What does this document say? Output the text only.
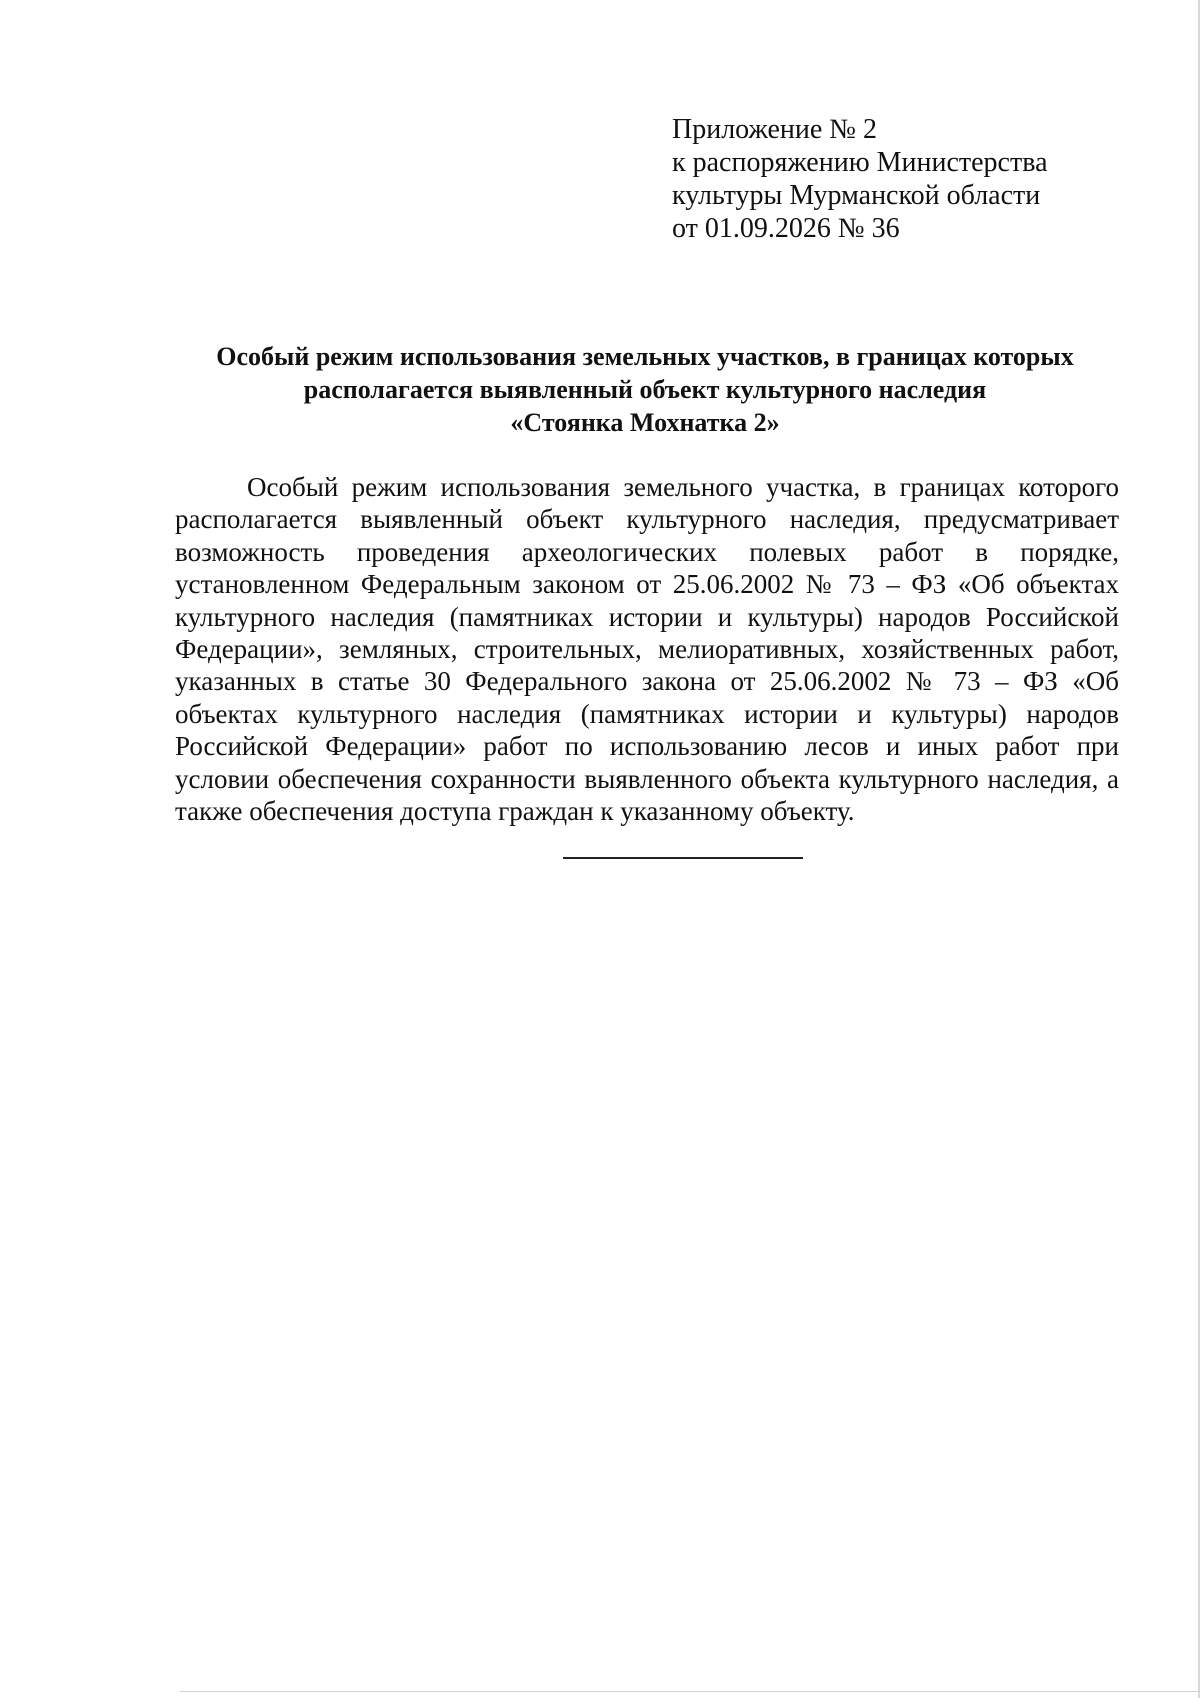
Приложение № 2
к распоряжению Министерства
культуры Мурманской области
от 01.09.2026 № 36
Особый режим использования земельных участков, в границах которых
располагается выявленный объект культурного наследия
«Стоянка Мохнатка 2»

Особый режим использования земельного участка, в границах которого располагается выявленный объект культурного наследия, предусматривает возможность проведения археологических полевых работ в порядке, установленном Федеральным законом от 25.06.2002 № 73 – ФЗ «Об объектах культурного наследия (памятниках истории и культуры) народов Российской Федерации», земляных, строительных, мелиоративных, хозяйственных работ, указанных в статье 30 Федерального закона от 25.06.2002 № 73 – ФЗ «Об объектах культурного наследия (памятниках истории и культуры) народов Российской Федерации» работ по использованию лесов и иных работ при условии обеспечения сохранности выявленного объекта культурного наследия, а также обеспечения доступа граждан к указанному объекту.
